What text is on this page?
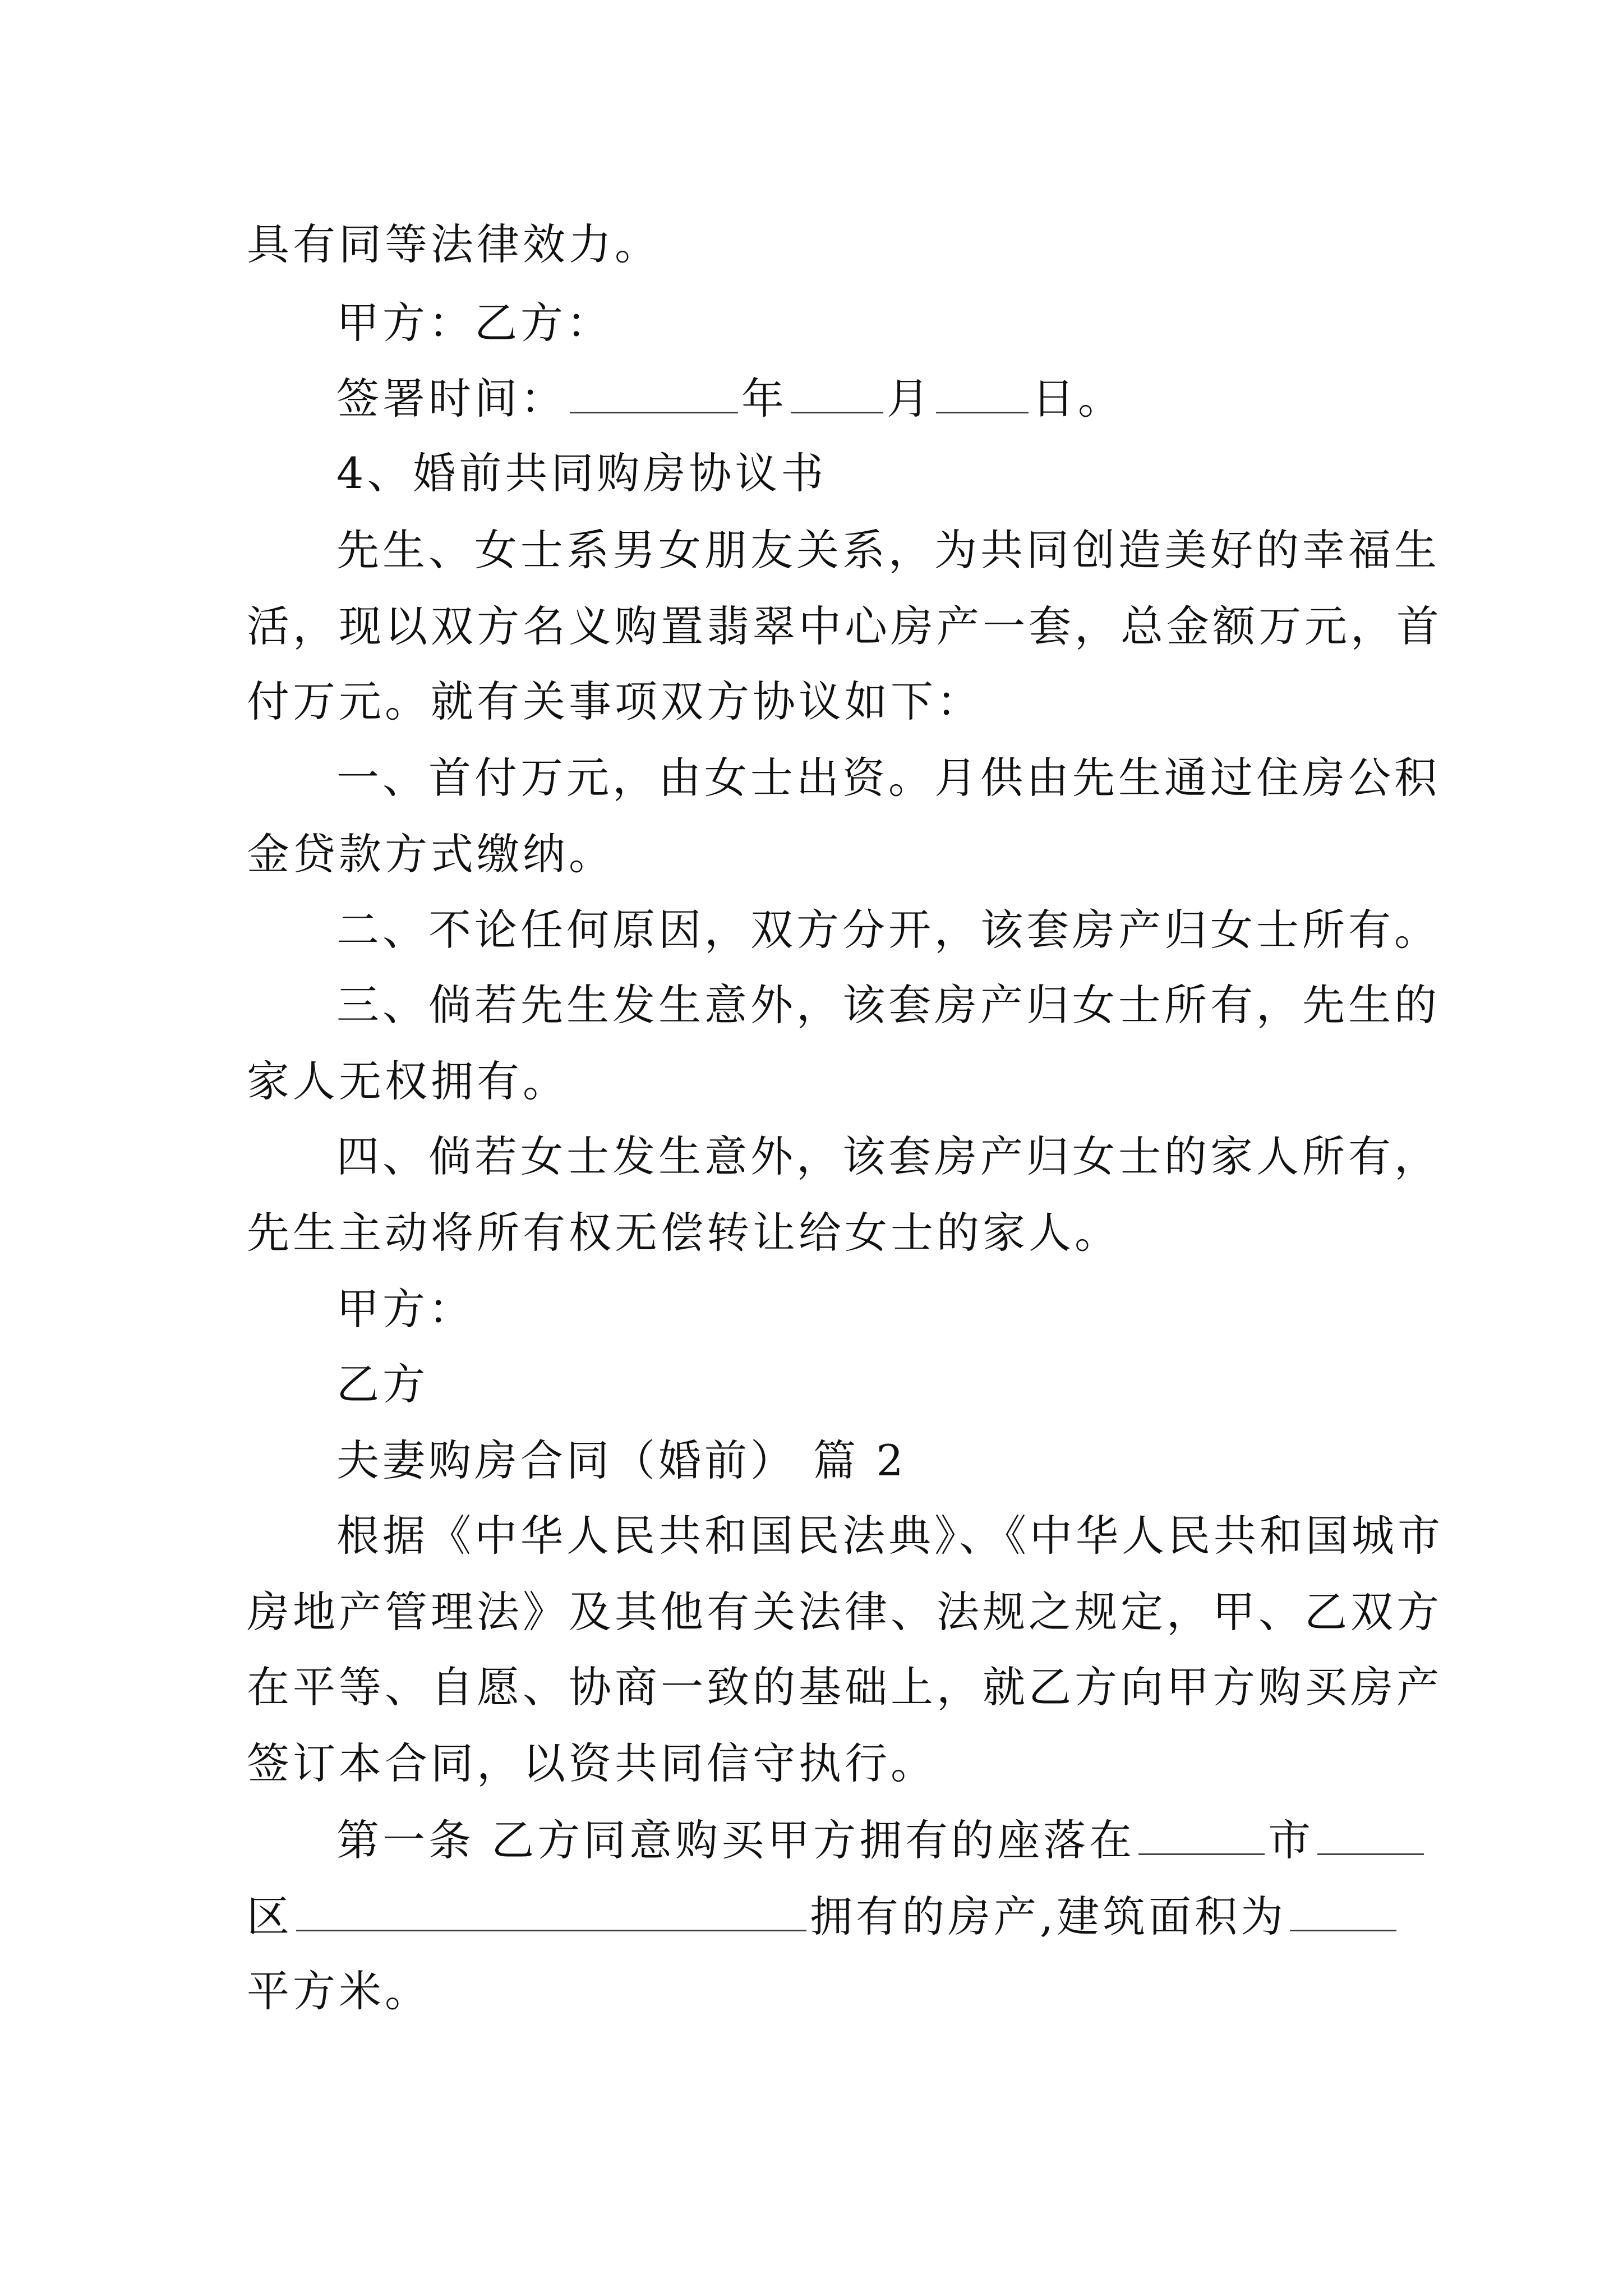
具有同等法律效力。
甲方：乙方：
签署时间：	年 月 日。
4、婚前共同购房协议书
先生、女士系男女朋友关系，为共同创造美好的幸福生
活，现以双方名义购置翡翠中心房产一套，总金额万元，首
付万元。就有关事项双方协议如下：
一、首付万元，由女士出资。月供由先生通过住房公积
金贷款方式缴纳。
二、不论任何原因，双方分开，该套房产归女士所有。
三、倘若先生发生意外，该套房产归女士所有，先生的
家人无权拥有。
四、倘若女士发生意外，该套房产归女士的家人所有，
先生主动将所有权无偿转让给女士的家人。
甲方：
乙方
夫妻购房合同（婚前） 篇 2
根据《中华人民共和国民法典》、《中华人民共和国城市
房地产管理法》及其他有关法律、法规之规定，甲、乙双方
在平等、自愿、协商一致的基础上，就乙方向甲方购买房产
签订本合同，以资共同信守执行。
第一条 乙方同意购买甲方拥有的座落在	市
区	拥有的房产,建筑面积为
平方米。
